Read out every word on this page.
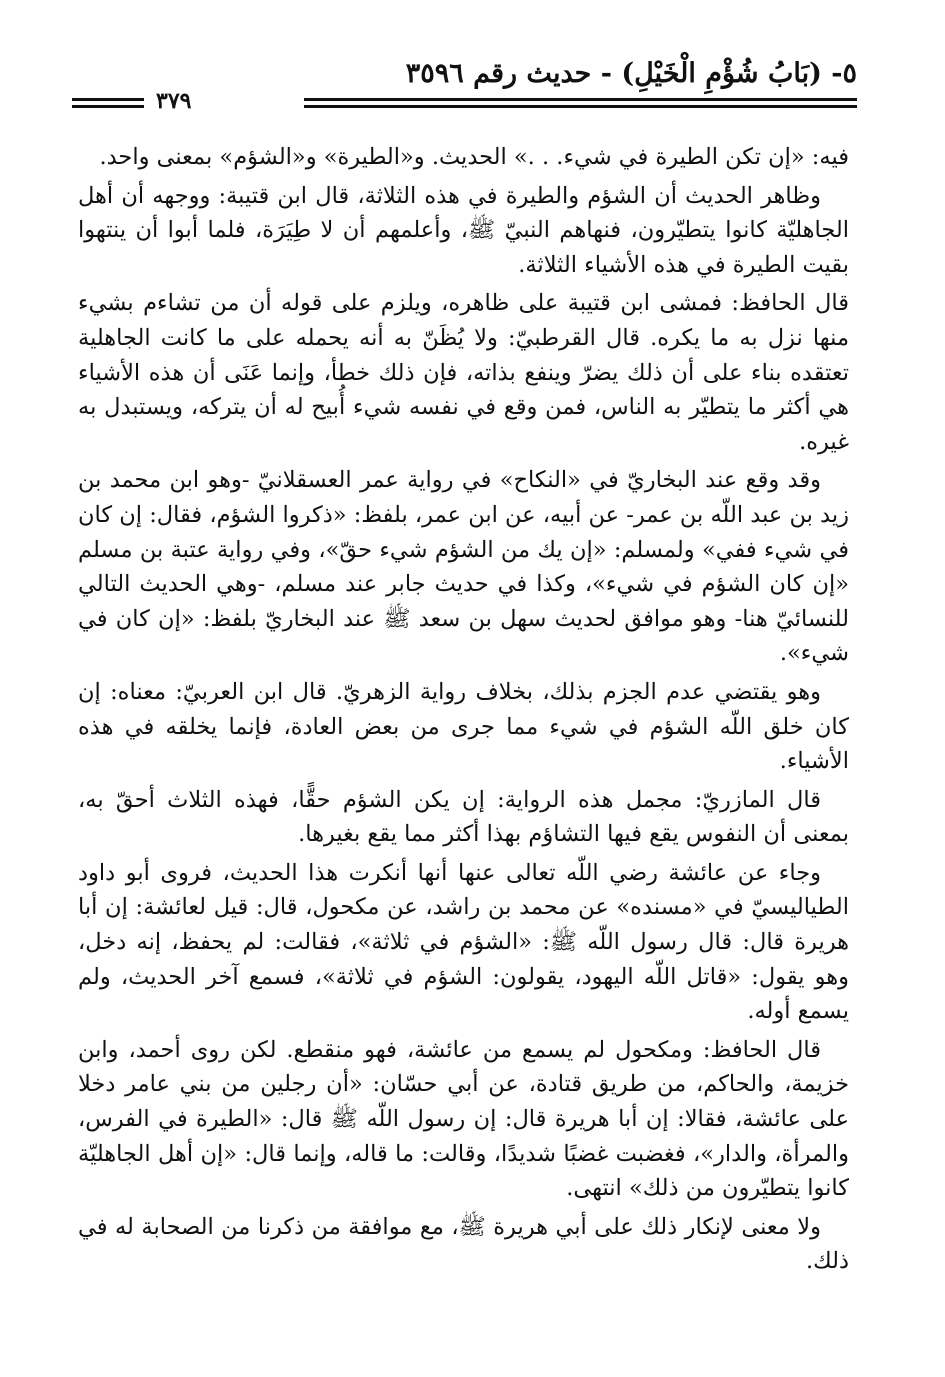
٥- (بَابُ شُؤْمِ الْخَيْلِ) - حديث رقم ٣٥٩٦
٣٧٩

فيه: «إن تكن الطيرة في شيء. . .» الحديث. و«الطيرة» و«الشؤم» بمعنى واحد.

وظاهر الحديث أن الشؤم والطيرة في هذه الثلاثة، قال ابن قتيبة: ووجهه أن أهل الجاهليّة كانوا يتطيّرون، فنهاهم النبيّ ﷺ، وأعلمهم أن لا طِيَرَة، فلما أبوا أن ينتهوا بقيت الطيرة في هذه الأشياء الثلاثة.

قال الحافظ: فمشى ابن قتيبة على ظاهره، ويلزم على قوله أن من تشاءم بشيء منها نزل به ما يكره. قال القرطبيّ: ولا يُظَنّ به أنه يحمله على ما كانت الجاهلية تعتقده بناء على أن ذلك يضرّ وينفع بذاته، فإن ذلك خطأ، وإنما عَنَى أن هذه الأشياء هي أكثر ما يتطيّر به الناس، فمن وقع في نفسه شيء أُبيح له أن يتركه، ويستبدل به غيره.

وقد وقع عند البخاريّ في «النكاح» في رواية عمر العسقلانيّ -وهو ابن محمد بن زيد بن عبد اللّه بن عمر- عن أبيه، عن ابن عمر، بلفظ: «ذكروا الشؤم، فقال: إن كان في شيء ففي» ولمسلم: «إن يك من الشؤم شيء حقّ»، وفي رواية عتبة بن مسلم «إن كان الشؤم في شيء»، وكذا في حديث جابر عند مسلم، -وهي الحديث التالي للنسائيّ هنا- وهو موافق لحديث سهل بن سعد ﷺ عند البخاريّ بلفظ: «إن كان في شيء».

وهو يقتضي عدم الجزم بذلك، بخلاف رواية الزهريّ. قال ابن العربيّ: معناه: إن كان خلق اللّه الشؤم في شيء مما جرى من بعض العادة، فإنما يخلقه في هذه الأشياء.

قال المازريّ: مجمل هذه الرواية: إن يكن الشؤم حقًّا، فهذه الثلاث أحقّ به، بمعنى أن النفوس يقع فيها التشاؤم بهذا أكثر مما يقع بغيرها.

وجاء عن عائشة رضي اللّه تعالى عنها أنها أنكرت هذا الحديث، فروى أبو داود الطياليسيّ في «مسنده» عن محمد بن راشد، عن مكحول، قال: قيل لعائشة: إن أبا هريرة قال: قال رسول اللّه ﷺ: «الشؤم في ثلاثة»، فقالت: لم يحفظ، إنه دخل، وهو يقول: «قاتل اللّه اليهود، يقولون: الشؤم في ثلاثة»، فسمع آخر الحديث، ولم يسمع أوله.

قال الحافظ: ومكحول لم يسمع من عائشة، فهو منقطع. لكن روى أحمد، وابن خزيمة، والحاكم، من طريق قتادة، عن أبي حسّان: «أن رجلين من بني عامر دخلا على عائشة، فقالا: إن أبا هريرة قال: إن رسول اللّه ﷺ قال: «الطيرة في الفرس، والمرأة، والدار»، فغضبت غضبًا شديدًا، وقالت: ما قاله، وإنما قال: «إن أهل الجاهليّة كانوا يتطيّرون من ذلك» انتهى.

ولا معنى لإنكار ذلك على أبي هريرة ﷺ، مع موافقة من ذكرنا من الصحابة له في ذلك.
